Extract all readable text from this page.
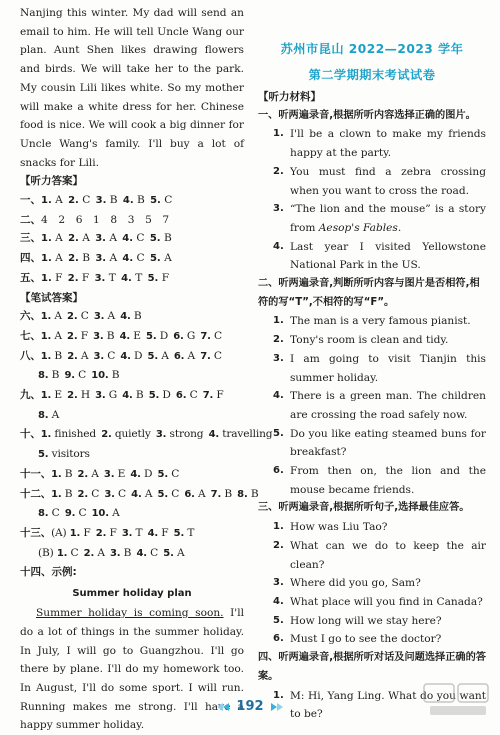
Nanjing this winter. My dad will send an email to him. He will tell Uncle Wang our plan. Aunt Shen likes drawing flowers and birds. We will take her to the park. My cousin Lili likes white. So my mother will make a white dress for her. Chinese food is nice. We will cook a big dinner for Uncle Wang's family. I'll buy a lot of snacks for Lili.

【听力答案】
一、1. A  2. C  3. B  4. B  5. C
二、4  2  6  1  8  3  5  7
三、1. A  2. A  3. A  4. C  5. B
四、1. A  2. B  3. A  4. C  5. A
五、1. F  2. F  3. T  4. T  5. F
【笔试答案】
六、1. A  2. C  3. A  4. B
七、1. A  2. F  3. B  4. E  5. D  6. G  7. C
八、1. B  2. A  3. C  4. D  5. A  6. A  7. C
8. B  9. C  10. B
九、1. E  2. H  3. G  4. B  5. D  6. C  7. F
8. A
十、1. finished  2. quietly  3. strong  4. travelling
5. visitors
十一、1. B  2. A  3. E  4. D  5. C
十二、1. B  2. C  3. C  4. A  5. C  6. A  7. B  8. B
8. C  9. C  10. A
十三、(A) 1. F  2. F  3. T  4. F  5. T
(B) 1. C  2. A  3. B  4. C  5. A
十四、示例:
Summer holiday plan

Summer holiday is coming soon. I'll do a lot of things in the summer holiday. In July, I will go to Guangzhou. I'll go there by plane. I'll do my homework too. In August, I'll do some sport. I will run. Running makes me strong. I'll have a happy summer holiday.

苏州市昆山 2022—2023 学年
第二学期期末考试试卷
【听力材料】
一、听两遍录音,根据所听内容选择正确的图片。
1. I'll be a clown to make my friends happy at the party.
2. You must find a zebra crossing when you want to cross the road.
3. “The lion and the mouse” is a story from Aesop's Fables.
4. Last year I visited Yellowstone National Park in the US.
二、听两遍录音,判断所听内容与图片是否相符,相符的写“T”,不相符的写“F”。
1. The man is a very famous pianist.
2. Tony's room is clean and tidy.
3. I am going to visit Tianjin this summer holiday.
4. There is a green man. The children are crossing the road safely now.
5. Do you like eating steamed buns for breakfast?
6. From then on, the lion and the mouse became friends.
三、听两遍录音,根据所听句子,选择最佳应答。
1. How was Liu Tao?
2. What can we do to keep the air clean?
3. Where did you go, Sam?
4. What place will you find in Canada?
5. How long will we stay here?
6. Must I go to see the doctor?
四、听两遍录音,根据所听对话及问题选择正确的答案。
1. M: Hi, Yang Ling. What do you want to be?
192
